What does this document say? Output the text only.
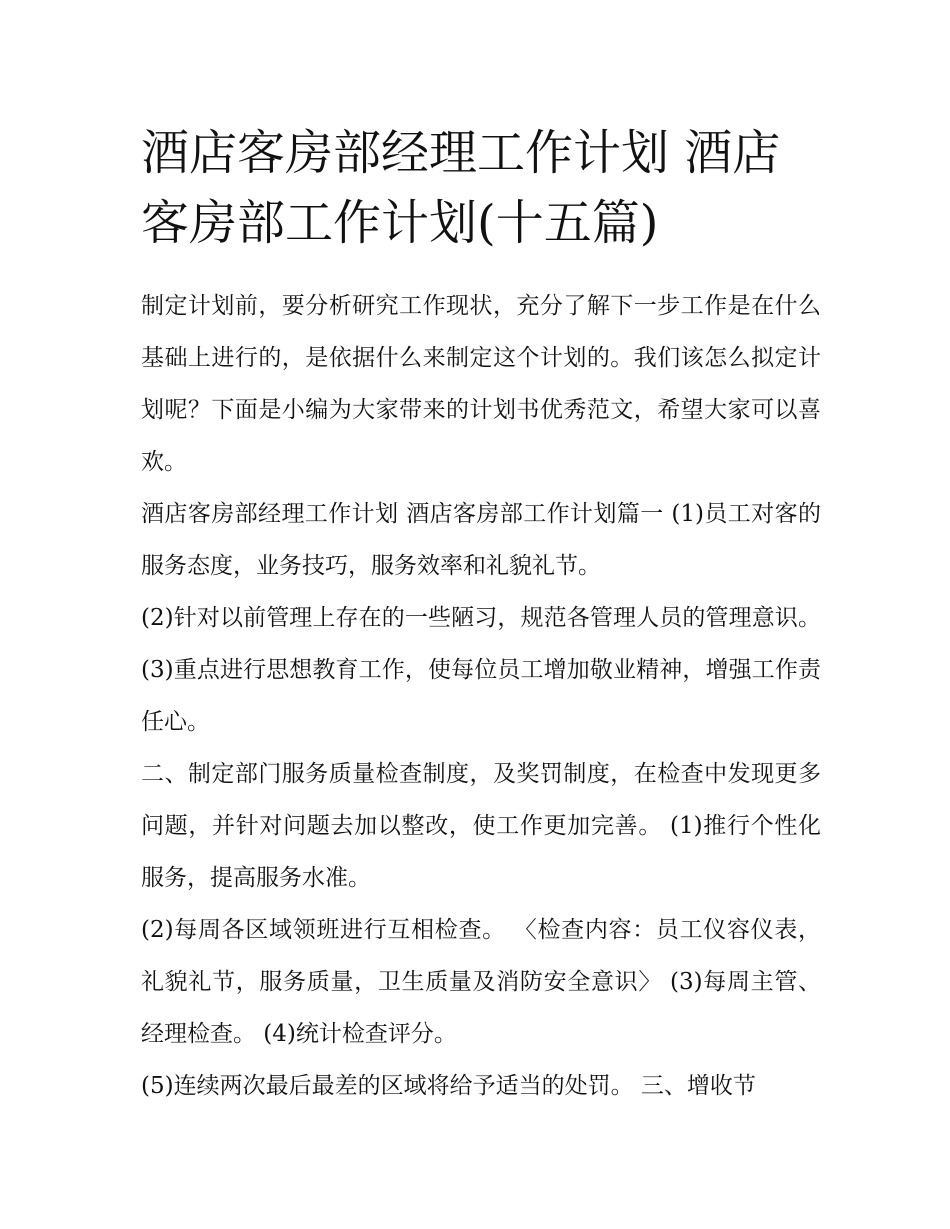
酒店客房部经理工作计划 酒店客房部工作计划(十五篇)

制定计划前，要分析研究工作现状，充分了解下一步工作是在什么基础上进行的，是依据什么来制定这个计划的。我们该怎么拟定计划呢？下面是小编为大家带来的计划书优秀范文，希望大家可以喜欢。

酒店客房部经理工作计划 酒店客房部工作计划篇一 (1)员工对客的服务态度，业务技巧，服务效率和礼貌礼节。

(2)针对以前管理上存在的一些陋习，规范各管理人员的管理意识。 (3)重点进行思想教育工作，使每位员工增加敬业精神，增强工作责任心。

二、制定部门服务质量检查制度，及奖罚制度，在检查中发现更多问题，并针对问题去加以整改，使工作更加完善。 (1)推行个性化服务，提高服务水准。

(2)每周各区域领班进行互相检查。 〈检查内容：员工仪容仪表，礼貌礼节，服务质量，卫生质量及消防安全意识〉 (3)每周主管、经理检查。 (4)统计检查评分。

(5)连续两次最后最差的区域将给予适当的处罚。 三、增收节
